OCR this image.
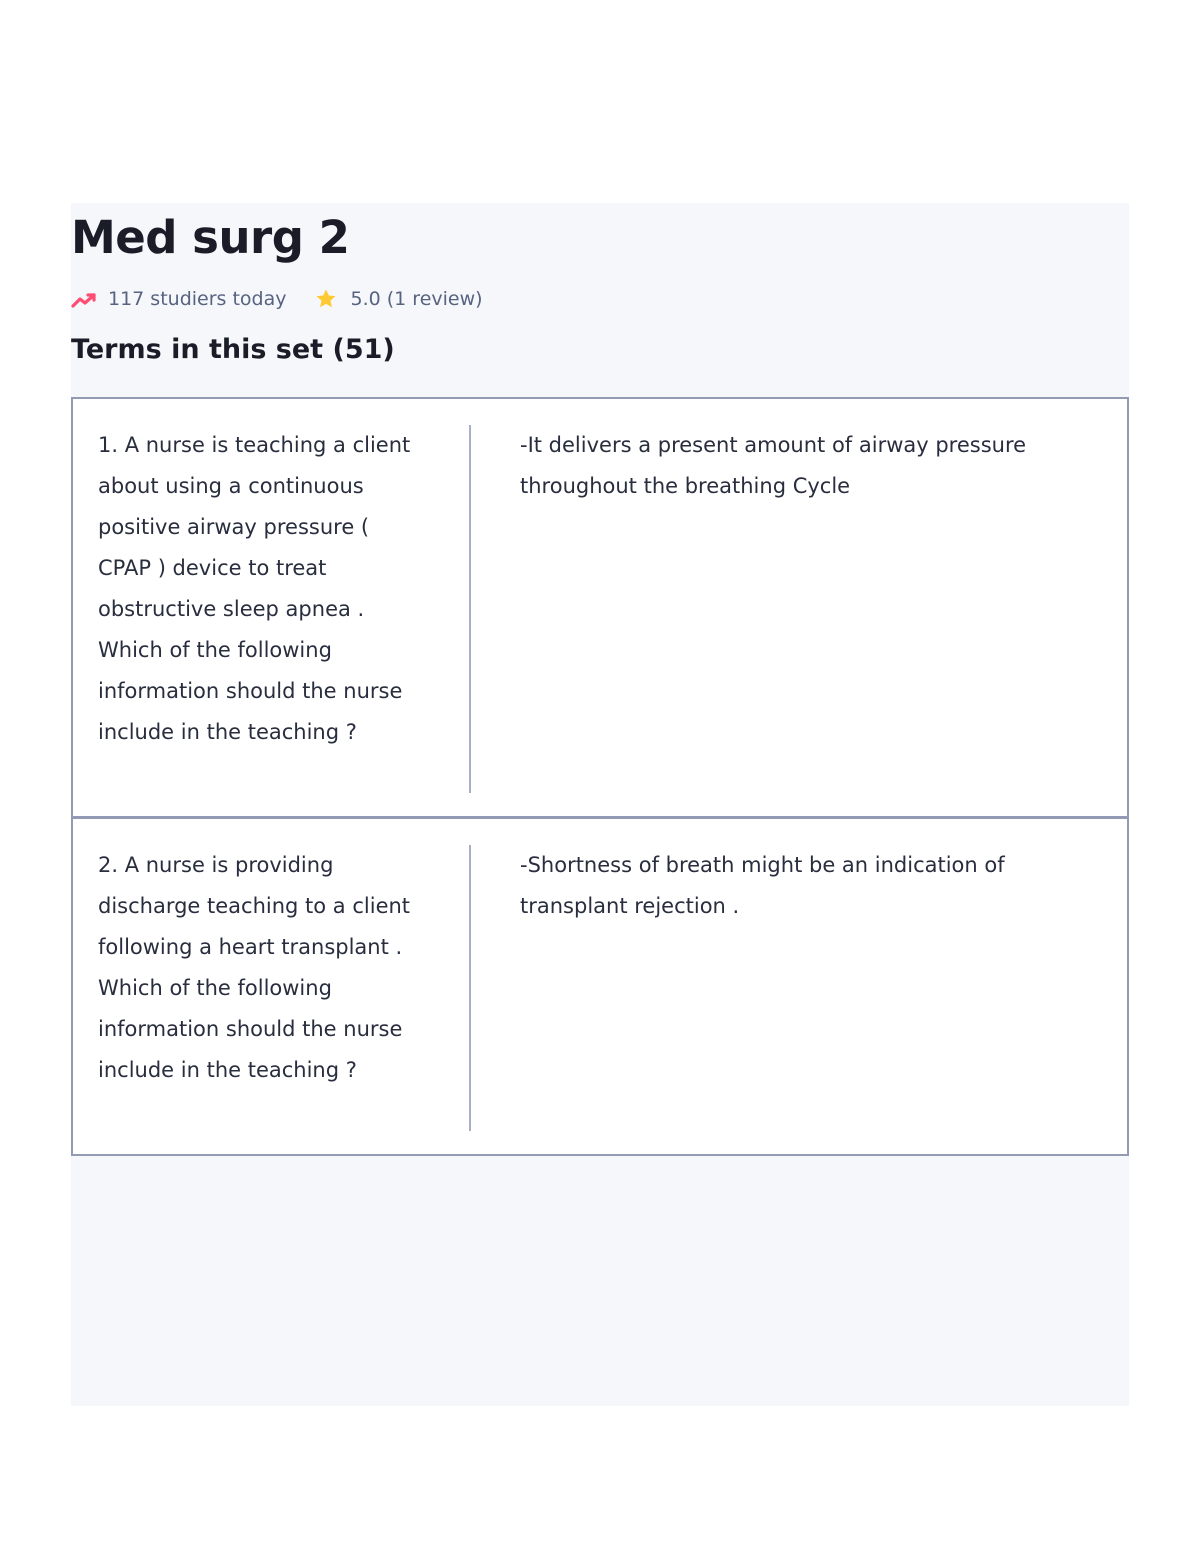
Med surg 2
117 studiers today	5.0 (1 review)
Terms in this set (51)
1. A nurse is teaching a client about using a continuous positive airway pressure ( CPAP ) device to treat obstructive sleep apnea . Which of the following information should the nurse include in the teaching ?
-It delivers a present amount of airway pressure throughout the breathing Cycle
2. A nurse is providing discharge teaching to a client following a heart transplant . Which of the following information should the nurse include in the teaching ?
-Shortness of breath might be an indication of transplant rejection .
